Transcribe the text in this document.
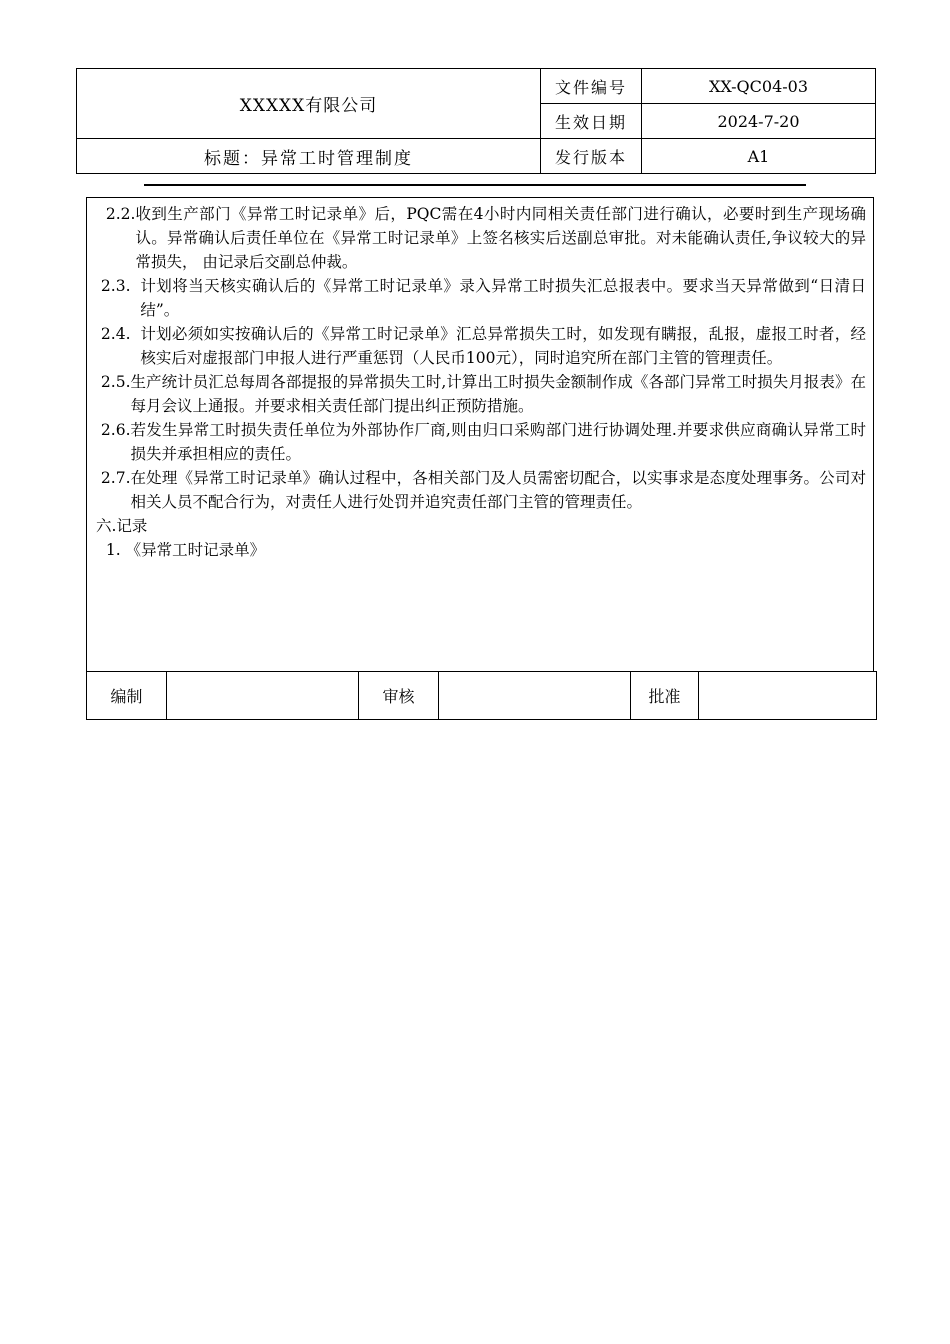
XXXXX有限公司	文件编号	XX-QC04-03
	生效日期	2024-7-20
标题：异常工时管理制度	发行版本	A1
2.2. 收到生产部门《异常工时记录单》后，PQC需在4小时内同相关责任部门进行确认，必要时到生产现场确认。异常确认后责任单位在《异常工时记录单》上签名核实后送副总审批。对未能确认责任,争议较大的异常损失， 由记录后交副总仲裁。
2.3. 计划将当天核实确认后的《异常工时记录单》录入异常工时损失汇总报表中。要求当天异常做到“日清日结”。
2.4. 计划必须如实按确认后的《异常工时记录单》汇总异常损失工时，如发现有瞒报，乱报，虚报工时者，经核实后对虚报部门申报人进行严重惩罚（人民币100元），同时追究所在部门主管的管理责任。
2.5. 生产统计员汇总每周各部提报的异常损失工时,计算出工时损失金额制作成《各部门异常工时损失月报表》在每月会议上通报。并要求相关责任部门提出纠正预防措施。
2.6. 若发生异常工时损失责任单位为外部协作厂商,则由归口采购部门进行协调处理.并要求供应商确认异常工时损失并承担相应的责任。
2.7. 在处理《异常工时记录单》确认过程中，各相关部门及人员需密切配合，以实事求是态度处理事务。公司对相关人员不配合行为，对责任人进行处罚并追究责任部门主管的管理责任。
六.记录
1. 《异常工时记录单》
编制		审核		批准	
